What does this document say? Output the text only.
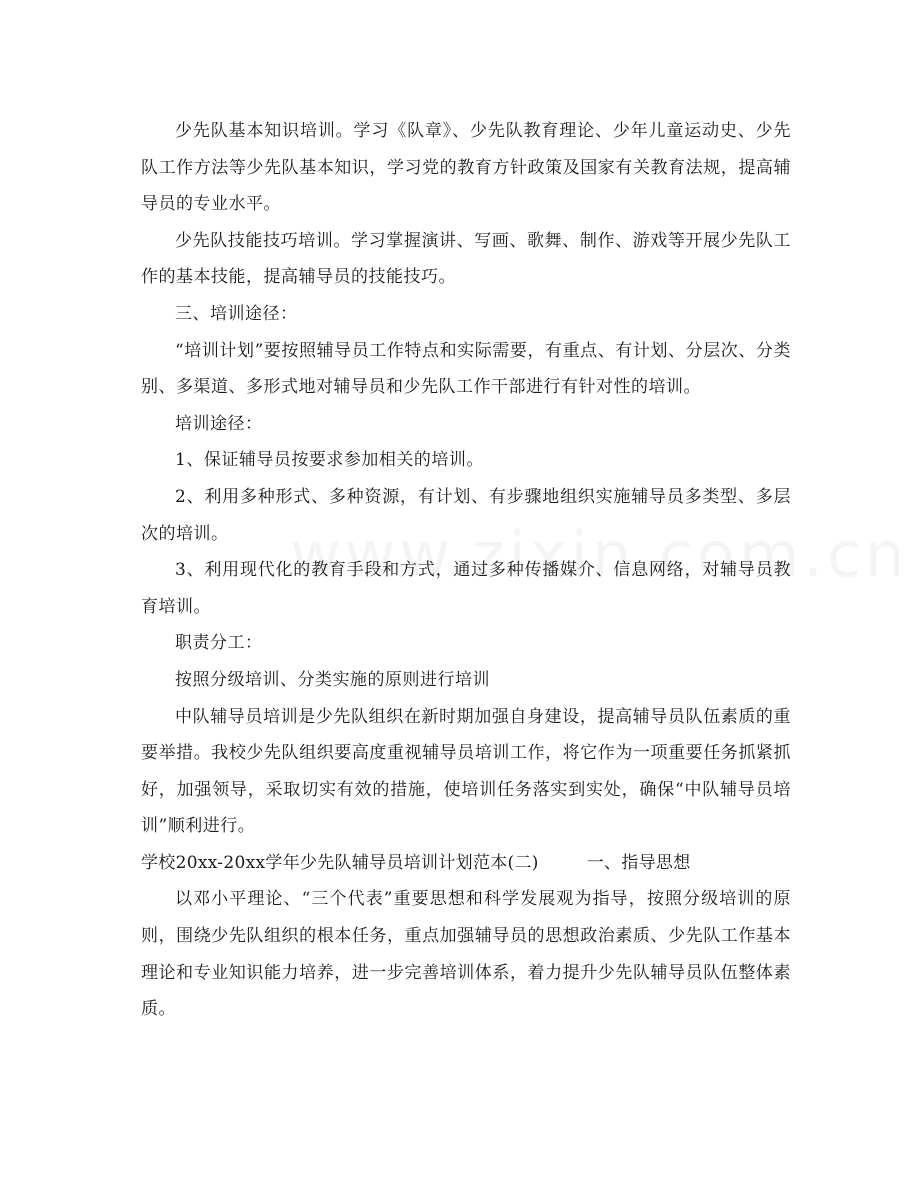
少先队基本知识培训。学习《队章》、少先队教育理论、少年儿童运动史、少先队工作方法等少先队基本知识，学习党的教育方针政策及国家有关教育法规，提高辅导员的专业水平。

少先队技能技巧培训。学习掌握演讲、写画、歌舞、制作、游戏等开展少先队工作的基本技能，提高辅导员的技能技巧。

三、培训途径：

“培训计划”要按照辅导员工作特点和实际需要，有重点、有计划、分层次、分类别、多渠道、多形式地对辅导员和少先队工作干部进行有针对性的培训。

培训途径：

1、保证辅导员按要求参加相关的培训。

2、利用多种形式、多种资源，有计划、有步骤地组织实施辅导员多类型、多层次的培训。

3、利用现代化的教育手段和方式，通过多种传播媒介、信息网络，对辅导员教育培训。

职责分工：

按照分级培训、分类实施的原则进行培训

中队辅导员培训是少先队组织在新时期加强自身建设，提高辅导员队伍素质的重要举措。我校少先队组织要高度重视辅导员培训工作，将它作为一项重要任务抓紧抓好，加强领导，采取切实有效的措施，使培训任务落实到实处，确保“中队辅导员培训”顺利进行。

学校20xx-20xx学年少先队辅导员培训计划范本(二)	一、指导思想

以邓小平理论、“三个代表”重要思想和科学发展观为指导，按照分级培训的原则，围绕少先队组织的根本任务，重点加强辅导员的思想政治素质、少先队工作基本理论和专业知识能力培养，进一步完善培训体系，着力提升少先队辅导员队伍整体素质。
